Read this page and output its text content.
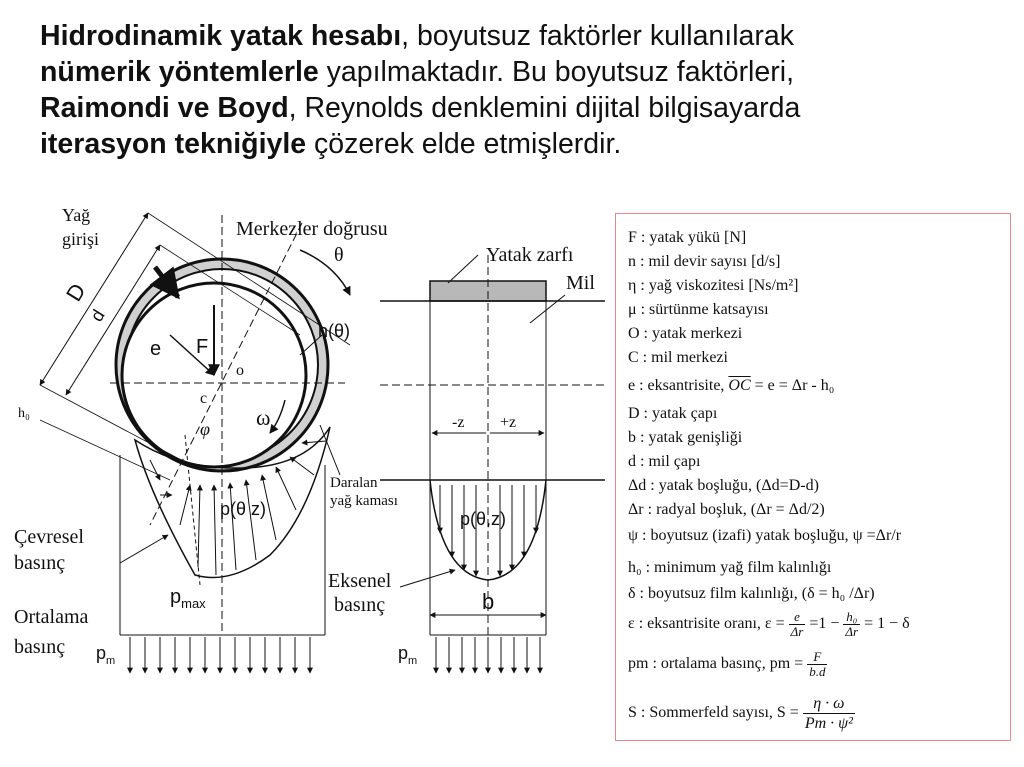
Hidrodinamik yatak hesabı, boyutsuz faktörler kullanılarak
nümerik yöntemlerle yapılmaktadır. Bu boyutsuz faktörleri,
Raimondi ve Boyd, Reynolds denklemini dijital bilgisayarda
iterasyon tekniğiyle çözerek elde etmişlerdir.
Yağ
girişi	Merkezler doğrusu
θ
D
d
h₀
e F
o
c
φ ω
h(θ)
p(θ z)
Daralan
yağ kaması
Çevresel
basınç
$p_{max}$
Ortalama
basınç $p_m$
Yatak zarfı
Mil
-z +z
p(θ,z)
Eksenel
basınç	b
$p_m$
F : yatak yükü [N]
n : mil devir sayısı [d/s]
η : yağ viskozitesi [Ns/m²]
μ : sürtünme katsayısı
O : yatak merkezi
C : mil merkezi
e : eksantrisite, $\overline{OC} = e = \Delta r - h_0$
D : yatak çapı
b : yatak genişliği
d : mil çapı
Δd : yatak boşluğu, (Δd=D-d)
Δr : radyal boşluk, (Δr = Δd/2)
ψ : boyutsuz (izafi) yatak boşluğu, ψ =Δr/r
h₀ : minimum yağ film kalınlığı
δ : boyutsuz film kalınlığı, (δ = h₀ /Δr)
ε : eksantrisite oranı, $\varepsilon = \frac{e}{\Delta r} =1 - \frac{\text{h₀}}{\Delta r} = 1 - \delta$
pm : ortalama basınç, pm = $\frac{F}{b.d}$
S : Sommerfeld sayısı, $S = \frac{\eta \cdot \omega}{\text{Pm · ψ²}}$
